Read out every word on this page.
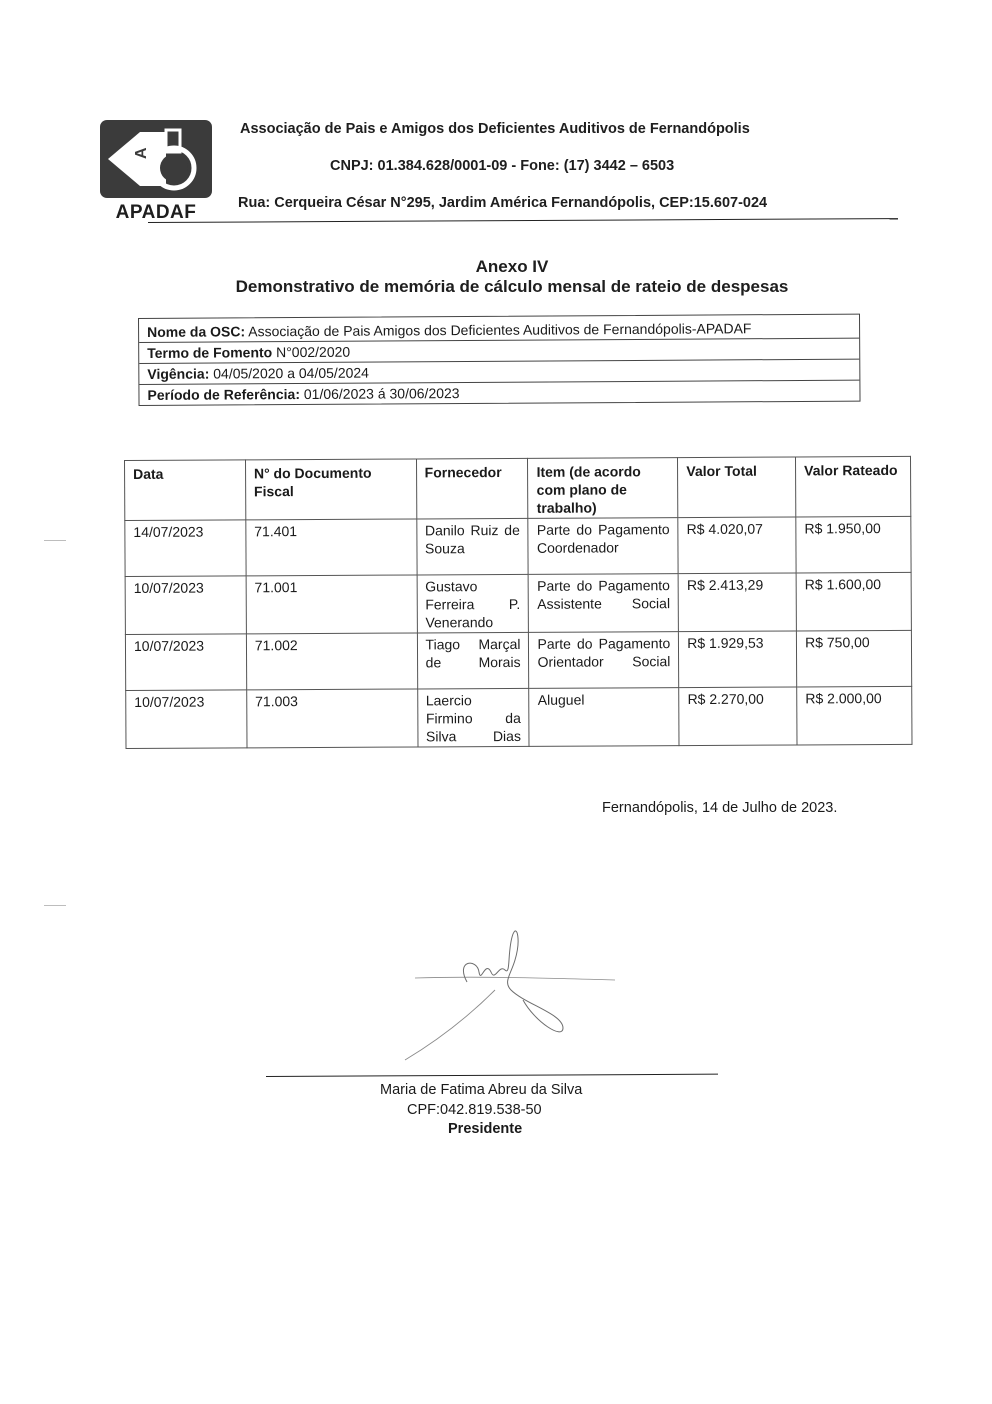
A
APADAF
Associação de Pais e Amigos dos Deficientes Auditivos de Fernandópolis
CNPJ: 01.384.628/0001-09 - Fone: (17) 3442 – 6503
Rua: Cerqueira César N°295, Jardim América Fernandópolis, CEP:15.607-024
Anexo IV
Demonstrativo de memória de cálculo mensal de rateio de despesas
Nome da OSC: Associação de Pais Amigos dos Deficientes Auditivos de Fernandópolis-APADAF
Termo de Fomento N°002/2020
Vigência: 04/05/2020 a 04/05/2024
Período de Referência: 01/06/2023 á 30/06/2023
Data	N° do Documento Fiscal	Fornecedor	Item (de acordo com plano de trabalho)	Valor Total	Valor Rateado
14/07/2023	71.401	Danilo Ruiz de Souza	Parte do Pagamento Coordenador	R$ 4.020,07	R$ 1.950,00
10/07/2023	71.001	Gustavo Ferreira P. Venerando	Parte do Pagamento Assistente Social	R$ 2.413,29	R$ 1.600,00
10/07/2023	71.002	Tiago Marçal de Morais	Parte do Pagamento Orientador Social	R$ 1.929,53	R$ 750,00
10/07/2023	71.003	Laercio Firmino da Silva Dias	Aluguel	R$ 2.270,00	R$ 2.000,00
Fernandópolis, 14 de Julho de 2023.
Maria de Fatima Abreu da Silva
CPF:042.819.538-50
Presidente
